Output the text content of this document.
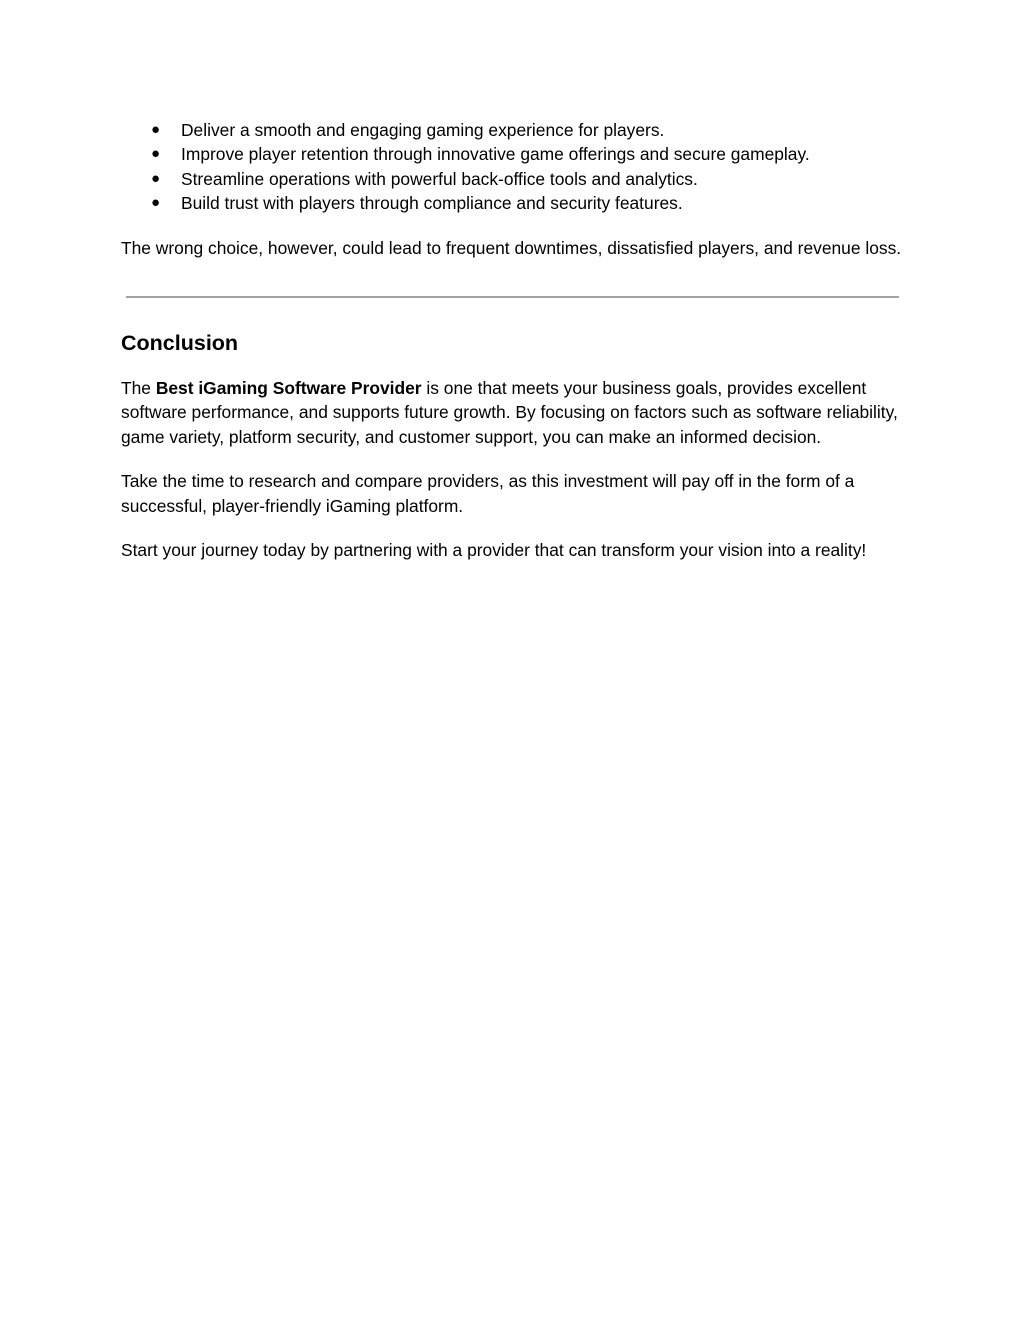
● Deliver a smooth and engaging gaming experience for players.
● Improve player retention through innovative game offerings and secure gameplay.
● Streamline operations with powerful back-office tools and analytics.
● Build trust with players through compliance and security features.

The wrong choice, however, could lead to frequent downtimes, dissatisfied players, and revenue loss.

Conclusion

The Best iGaming Software Provider is one that meets your business goals, provides excellent software performance, and supports future growth. By focusing on factors such as software reliability, game variety, platform security, and customer support, you can make an informed decision.

Take the time to research and compare providers, as this investment will pay off in the form of a successful, player-friendly iGaming platform.

Start your journey today by partnering with a provider that can transform your vision into a reality!
